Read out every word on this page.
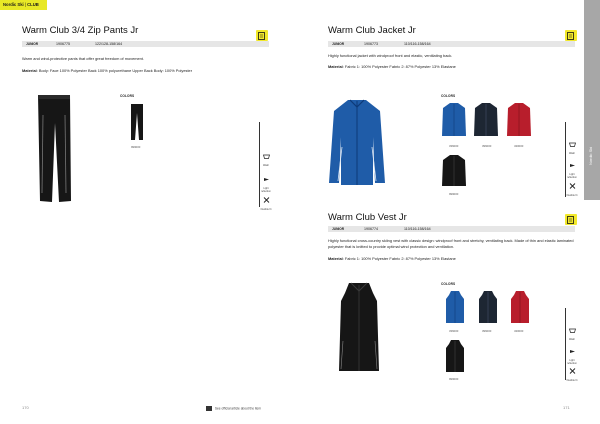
Nordic Ski | CLUB
Nordic Ski
Warm Club 3/4 Zip Pants Jr
JUNIOR	1906775	122/128-158/164
Warm and wind-protective pants that offer great freedom of movement.
Material: Body: Face 100% Polyester Back 100% polyurethane Upper Back Body: 100% Polyester
COLORS
999000
Wash
Light reflection
Flexible fit
Warm Club Jacket Jr
JUNIOR	1906773	110/116-158/164
Highly functional jacket with windproof front and elastic, ventilating back.
Material: Fabric 1: 100% Polyester Fabric 2: 87% Polyester 13% Elastane
COLORS
336000	396000	430000
999000
Wash
Light reflection
Flexible fit
Warm Club Vest Jr
JUNIOR	1906774	110/116-158/164
Highly functional cross-country skiing vest with classic design: windproof front and stretchy, ventilating back. Made of thin and elastic laminated polyester that is knitted to provide optimal wind protection and ventilation.
Material: Fabric 1: 100% Polyester Fabric 2: 87% Polyester 13% Elastane
COLORS
336000	396000	430000
999000
Wash
Light reflection
Flexible fit
170	See official article about the item	171
